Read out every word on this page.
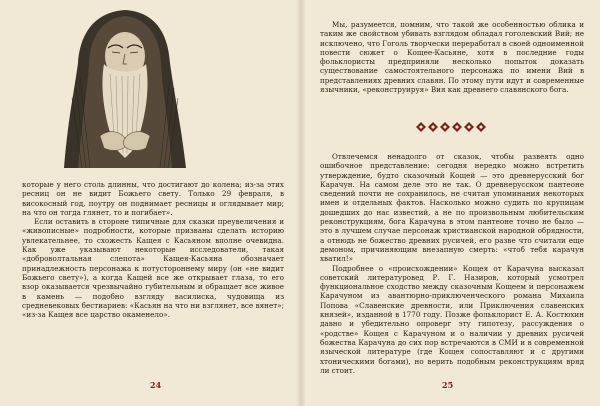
которые у него столь длинны, что достигают до колена; из-за этих ресниц он не видит Божьего свету. Только 29 февраля, в високосный год, поутру он поднимает ресницы и оглядывает мир; на что он тогда глянет, то и погибает».

Если оставить в стороне типичные для сказки преувеличения и «живописные» подробности, которые призваны сделать историю увлекательнее, то схожесть Кащея с Касьяном вполне очевидна. Как уже указывают некоторые исследователи, такая «доброволтальная слепота» Кащея-Касьяна обозначает принадлежность персонажа к потустороннему миру (он «не видит Божьего свету»), а когда Кащей все же открывает глаза, то его взор оказывается чрезвычайно губительным и обращает все живое в камень — подобно взгляду василиска, чудовища из средневековых бестиариев: «Касьян на что ни взглянет, все вянет»; «из-за Кащея все царство окаменело».

24

Мы, разумеется, помним, что такой же особенностью облика и таким же свойством убивать взглядом обладал гоголевский Вий; не исключено, что Гоголь творчески переработал в своей одноименной повести сюжет о Кощее-Касьяне, хотя в последние годы фольклористы предприняли несколько попыток доказать существование самостоятельного персонажа по имени Вий в представлениях древних славян. По этому пути идут и современные язычники, «реконструируя» Вия как древнего славянского бога.

Отвлечемся ненадолго от сказок, чтобы развеять одно ошибочное представление: сегодня нередко можно встретить утверждение, будто сказочный Кощей — это древнерусский бог Карачун. На самом деле это не так. О древнерусском пантеоне сведений почти не сохранилось, не считая упоминания некоторых имен и отдельных фактов. Насколько можно судить по крупицам дошедших до нас известий, а не по произвольным любительским реконструкциям, бога Карачуна в этом пантеоне точно не было — это в лучшем случае персонаж христианской народной обрядности, а отнюдь не божество древних русичей, его разве что считали еще демоном, причиняющим внезапную смерть: «чтоб тебя карачун хватил!»

Подробнее о «происхождении» Кощея от Карачуна высказал советский литературовед Р. Г. Назиров, который усмотрел функциональное сходство между сказочным Кощеем и персонажем Карачуном из авантюрно-приключенческого романа Михаила Попова «Славенские древности, или Приключения славенских князей», изданной в 1770 году. Позже фольклорист Е. А. Костюхин давно и убедительно опроверг эту гипотезу, рассуждения о «родстве» Кощея с Карачуном и о наличии у древних русичей божества Карачуна до сих пор встречаются в СМИ и в современной языческой литературе (где Кощея сопоставляют и с другими хтоническими богами), но верить подобным реконструкциям вряд ли стоит.

25
